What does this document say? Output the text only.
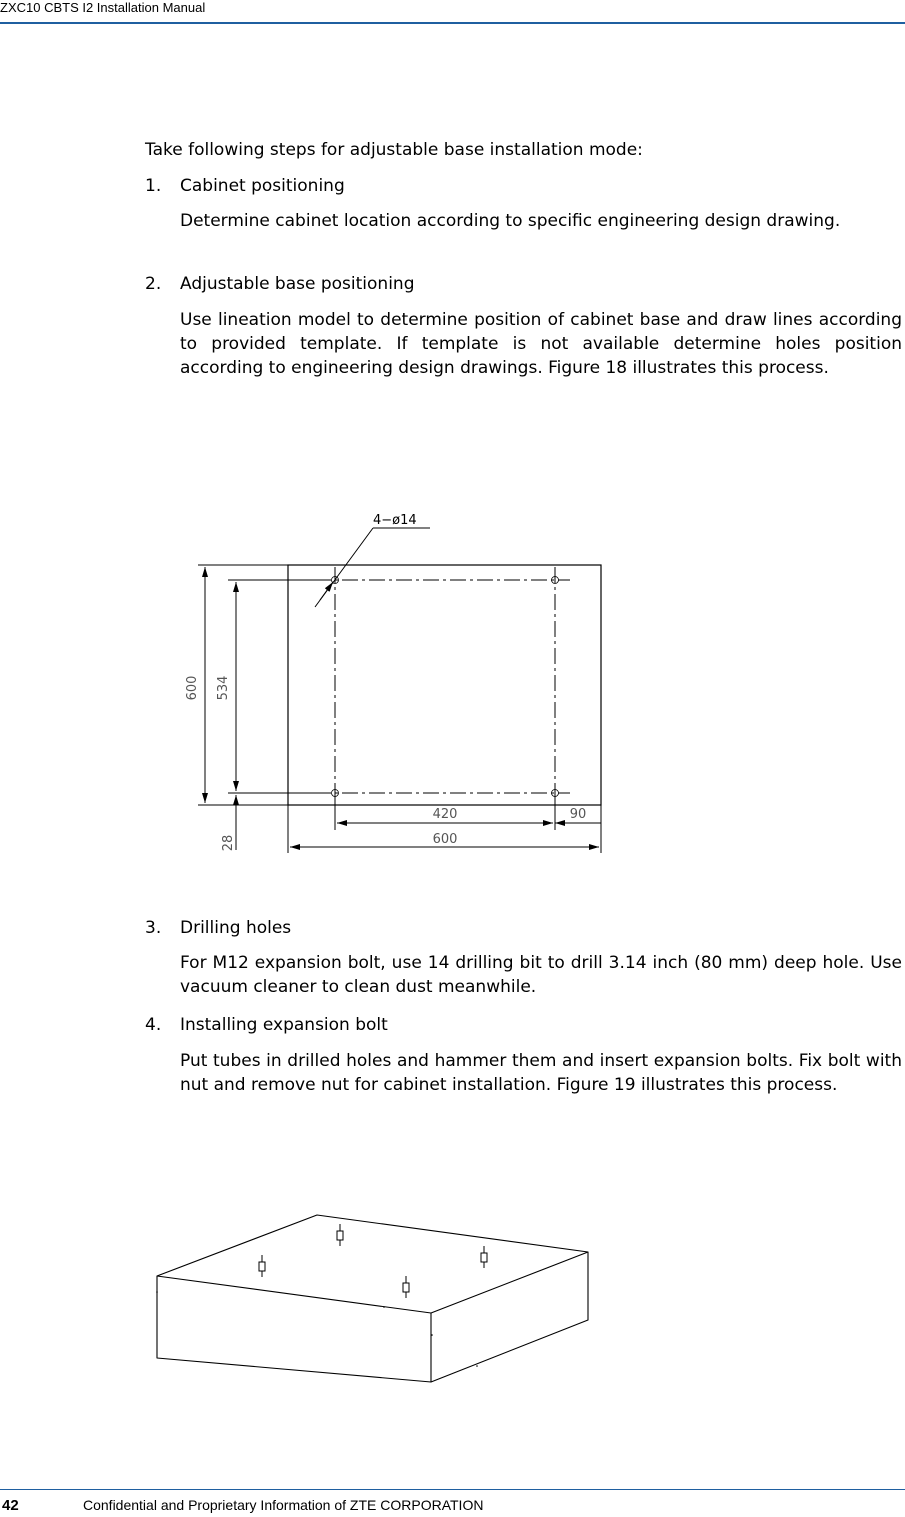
ZXC10 CBTS I2 Installation Manual
Take following steps for adjustable base installation mode:
1. Cabinet positioning
Determine cabinet location according to specific engineering design drawing.
2. Adjustable base positioning
Use lineation model to determine position of cabinet base and draw lines according to provided template. If template is not available determine holes position according to engineering design drawings. Figure 18 illustrates this process.
4−ø14
600 534
28
420	90
600
3. Drilling holes
For M12 expansion bolt, use 14 drilling bit to drill 3.14 inch (80 mm) deep hole. Use vacuum cleaner to clean dust meanwhile.
4. Installing expansion bolt
Put tubes in drilled holes and hammer them and insert expansion bolts. Fix bolt with nut and remove nut for cabinet installation. Figure 19 illustrates this process.
42	Confidential and Proprietary Information of ZTE CORPORATION
